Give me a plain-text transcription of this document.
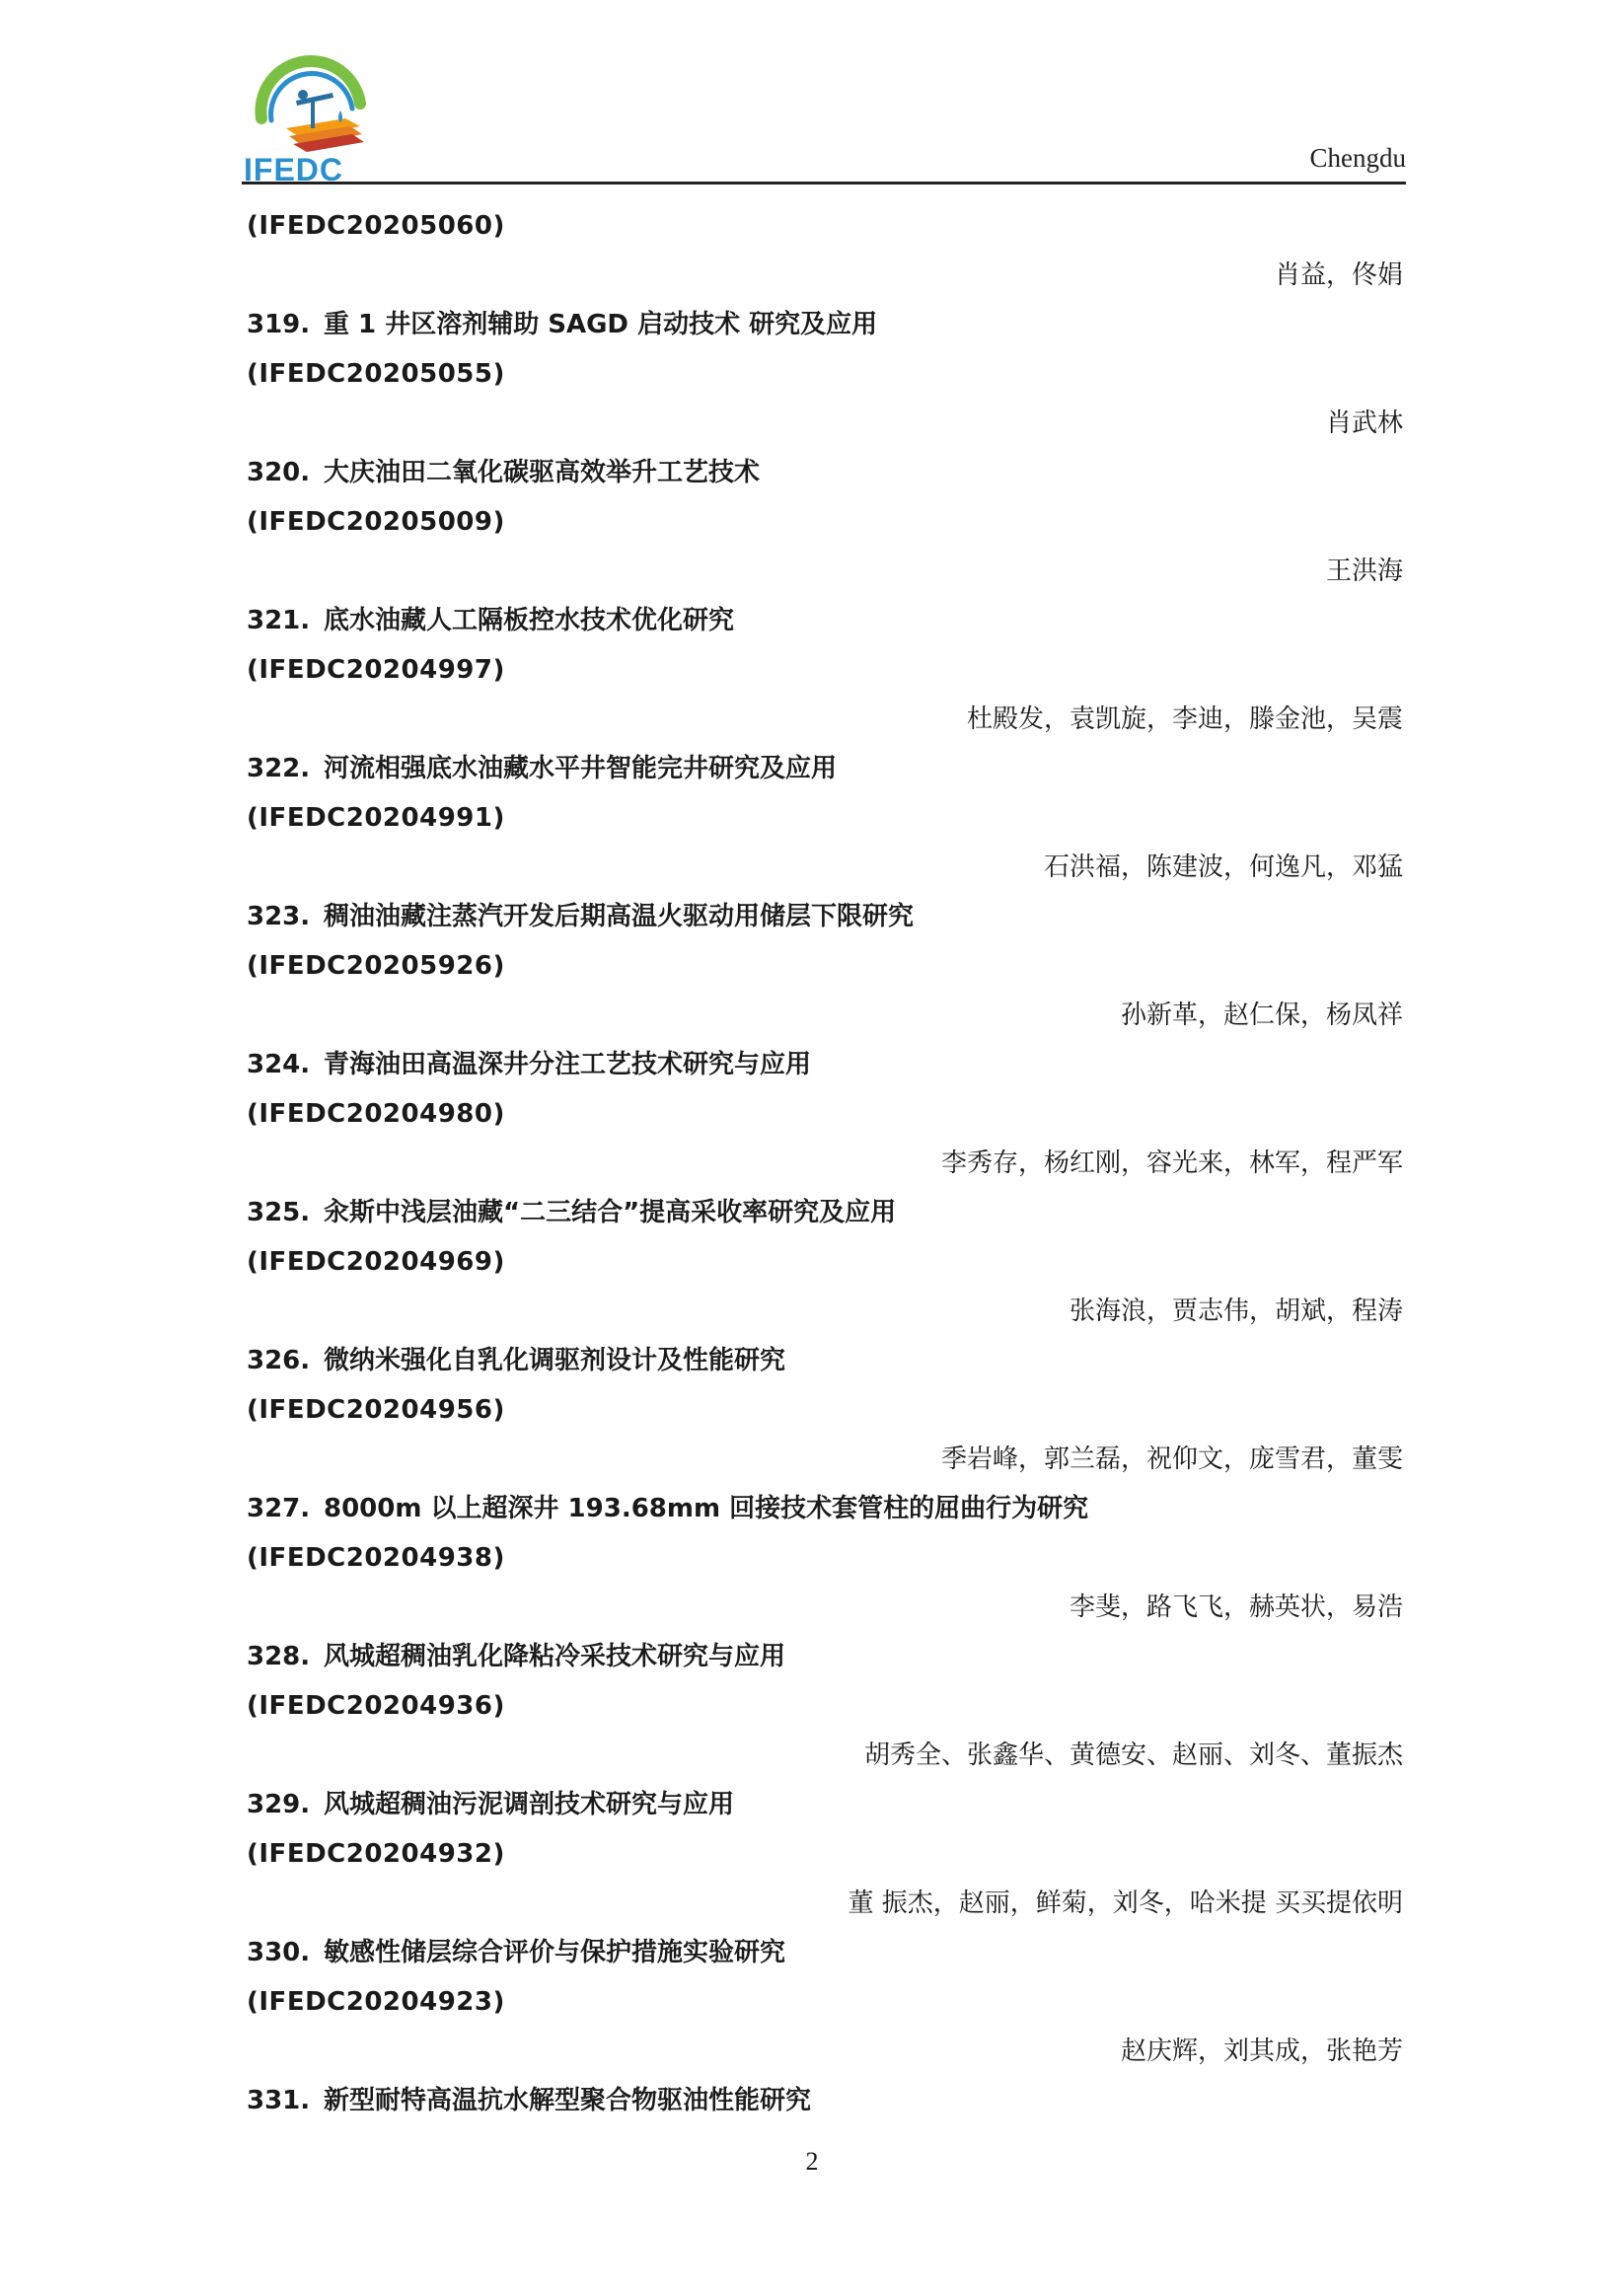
IFEDC	Chengdu
(IFEDC20205060)
肖益，佟娟
319. 重 1 井区溶剂辅助 SAGD 启动技术 研究及应用
(IFEDC20205055)
肖武林
320. 大庆油田二氧化碳驱高效举升工艺技术
(IFEDC20205009)
王洪海
321. 底水油藏人工隔板控水技术优化研究
(IFEDC20204997)
杜殿发，袁凯旋，李迪，滕金池，吴震
322. 河流相强底水油藏水平井智能完井研究及应用
(IFEDC20204991)
石洪福，陈建波，何逸凡，邓猛
323. 稠油油藏注蒸汽开发后期高温火驱动用储层下限研究
(IFEDC20205926)
孙新革，赵仁保，杨凤祥
324. 青海油田高温深井分注工艺技术研究与应用
(IFEDC20204980)
李秀存，杨红刚，容光来，林军，程严军
325. 汆斯中浅层油藏“二三结合”提高采收率研究及应用
(IFEDC20204969)
张海浪，贾志伟，胡斌，程涛
326. 微纳米强化自乳化调驱剂设计及性能研究
(IFEDC20204956)
季岩峰，郭兰磊，祝仰文，庞雪君，董雯
327. 8000m 以上超深井 193.68mm 回接技术套管柱的屈曲行为研究
(IFEDC20204938)
李斐，路飞飞，赫英状，易浩
328. 风城超稠油乳化降粘冷采技术研究与应用
(IFEDC20204936)
胡秀全、张鑫华、黄德安、赵丽、刘冬、董振杰
329. 风城超稠油污泥调剖技术研究与应用
(IFEDC20204932)
董 振杰，赵丽，鲜菊，刘冬，哈米提 买买提依明
330. 敏感性储层综合评价与保护措施实验研究
(IFEDC20204923)
赵庆辉，刘其成，张艳芳
331. 新型耐特高温抗水解型聚合物驱油性能研究
2
